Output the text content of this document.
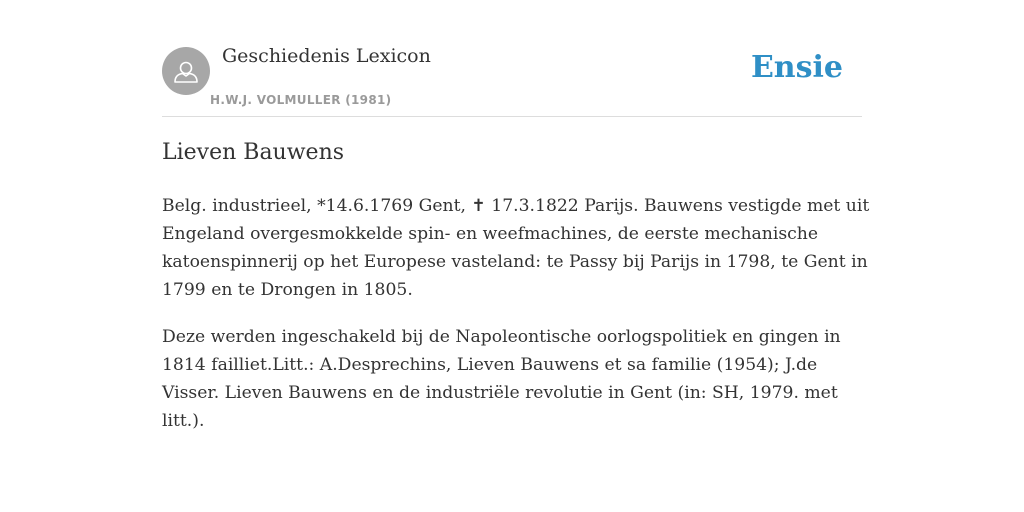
Geschiedenis Lexicon
H.W.J. VOLMULLER (1981)
Ensie
Lieven Bauwens

Belg. industrieel, *14.6.1769 Gent, ✝ 17.3.1822 Parijs. Bauwens vestigde met uit Engeland overgesmokkelde spin- en weefmachines, de eerste mechanische katoenspinnerij op het Europese vasteland: te Passy bij Parijs in 1798, te Gent in 1799 en te Drongen in 1805.

Deze werden ingeschakeld bij de Napoleontische oorlogspolitiek en gingen in 1814 failliet.Litt.: A.Desprechins, Lieven Bauwens et sa familie (1954); J.de Visser. Lieven Bauwens en de industriële revolutie in Gent (in: SH, 1979. met litt.).
